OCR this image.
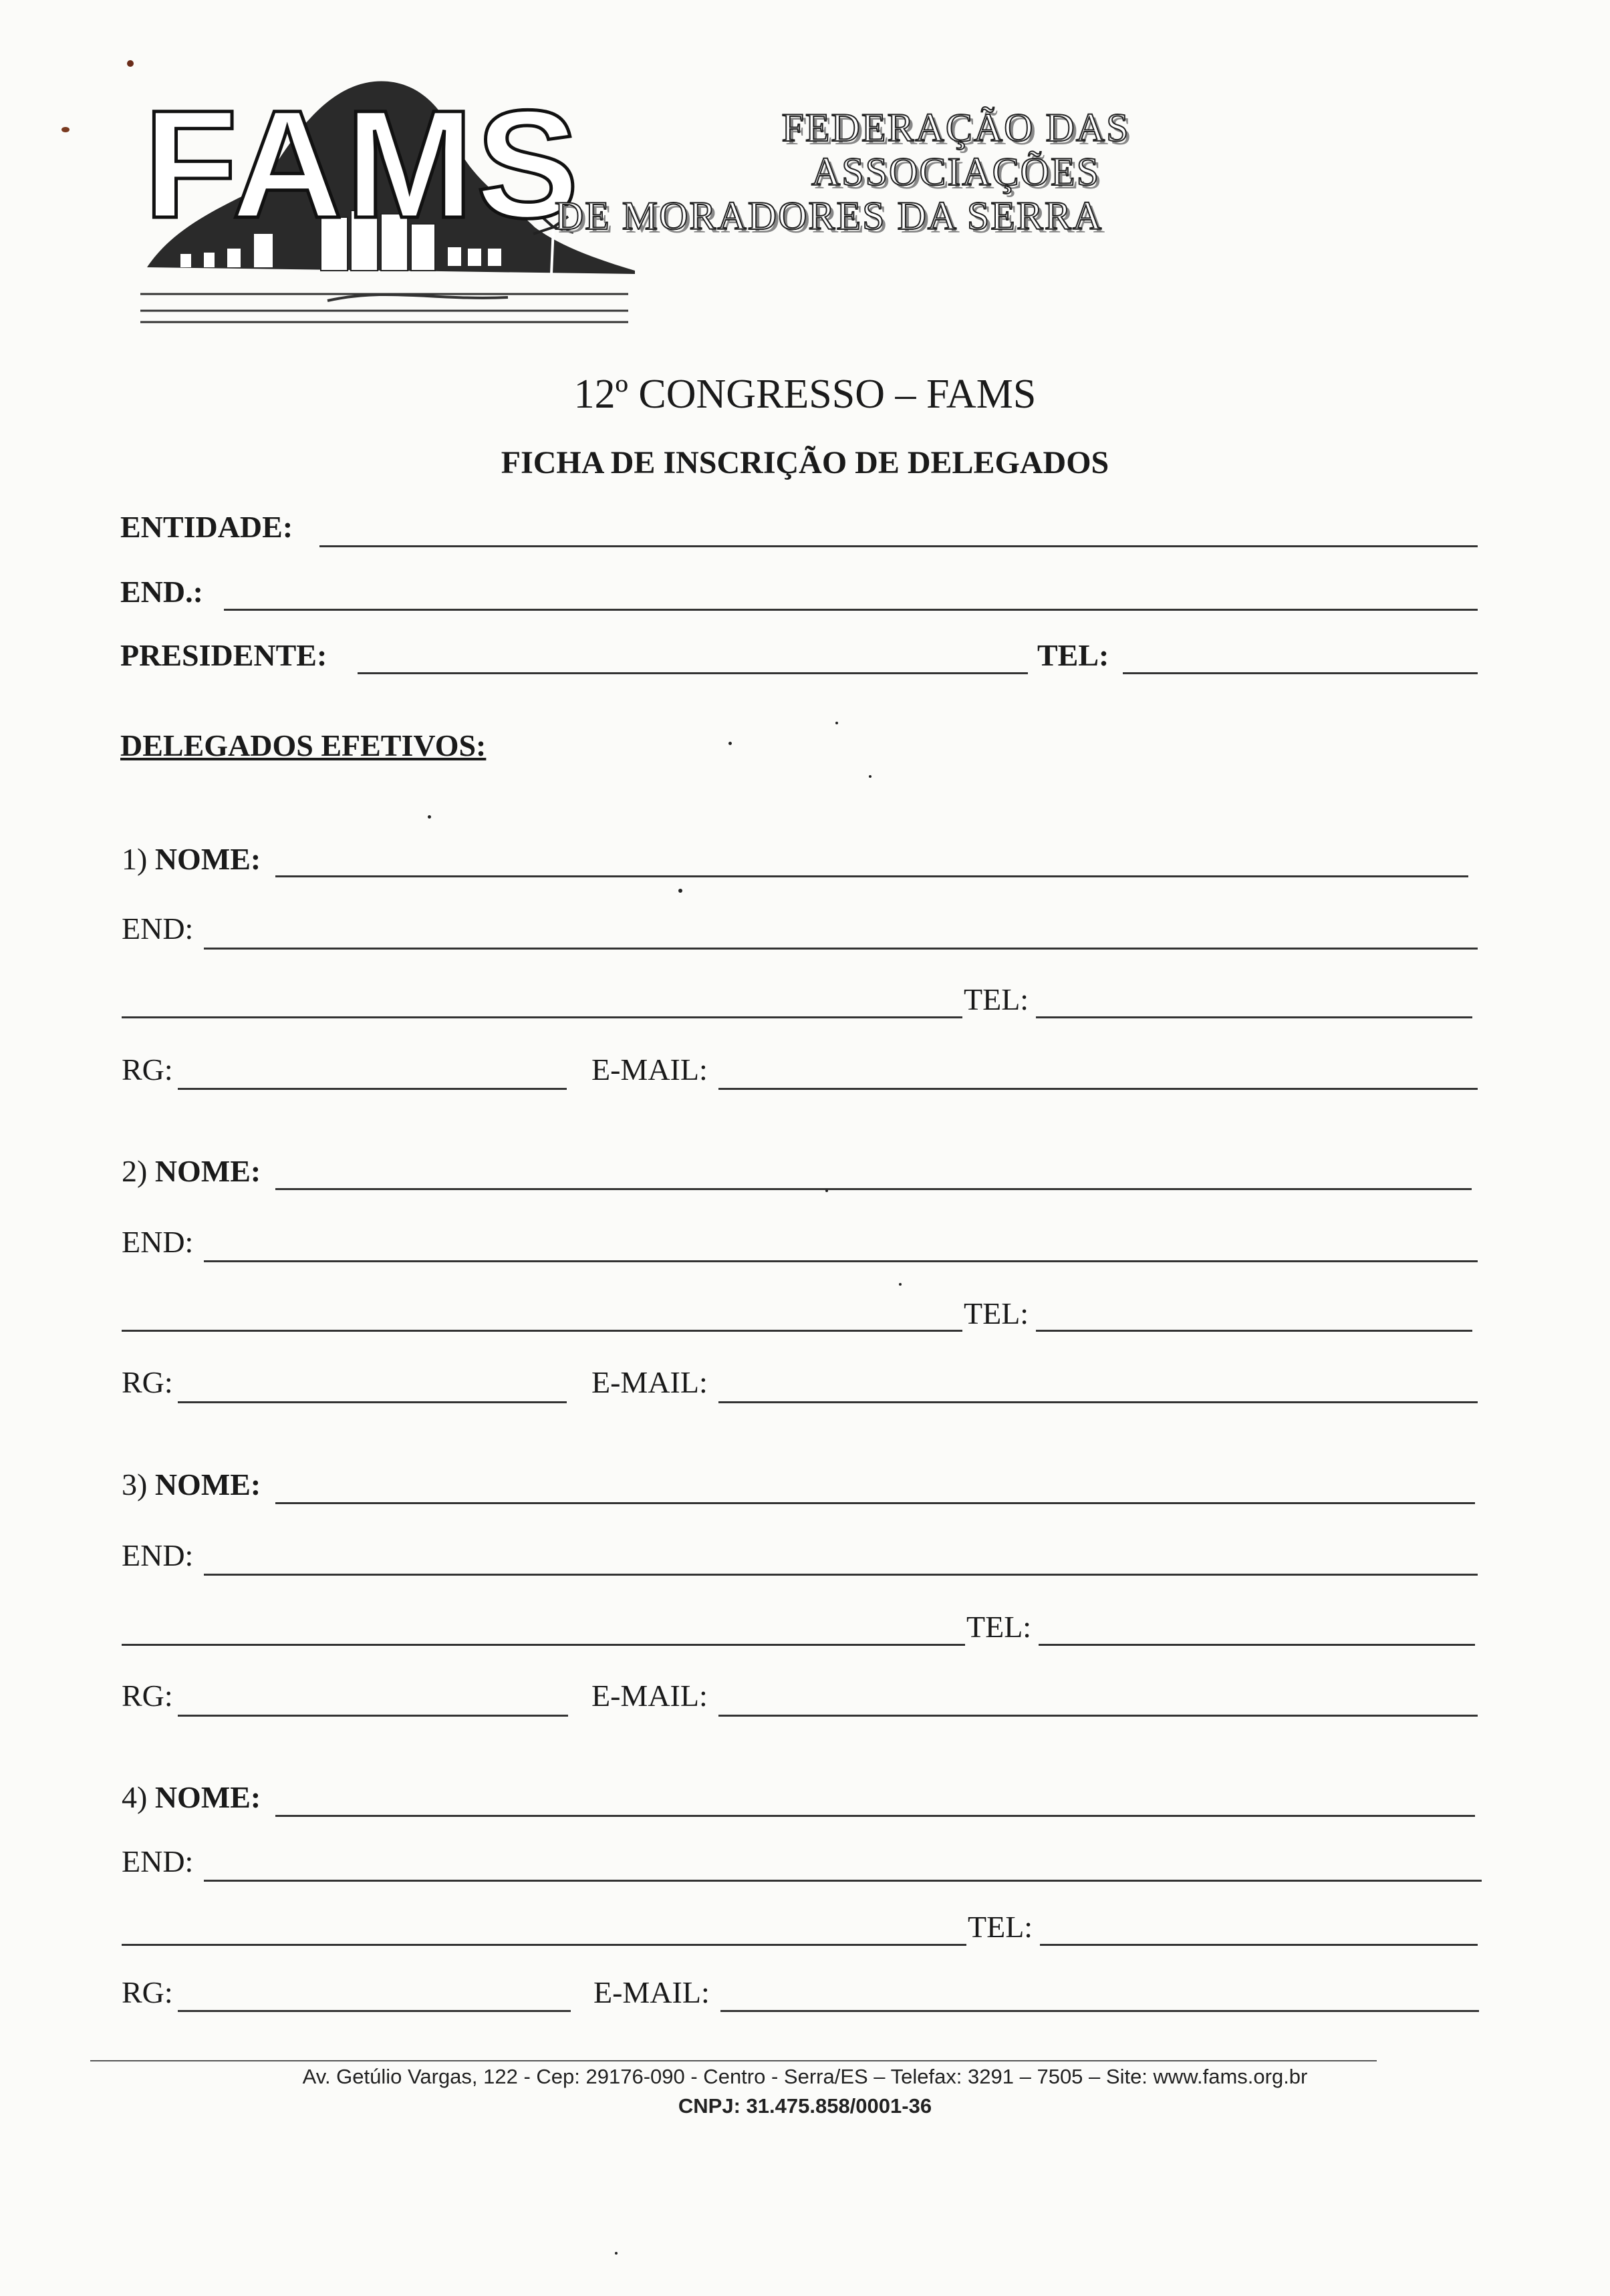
FAMS	FEDERAÇÃO DAS
ASSOCIAÇÕES
DE MORADORES DA SERRA
12º CONGRESSO – FAMS
FICHA DE INSCRIÇÃO DE DELEGADOS
ENTIDADE:
END.:
PRESIDENTE:	TEL:
DELEGADOS EFETIVOS:
1) NOME:
END:
TEL:
RG:	E-MAIL:
2) NOME:
END:
TEL:
RG:	E-MAIL:
3) NOME:
END:
TEL:
RG:	E-MAIL:
4) NOME:
END:
TEL:
RG:	E-MAIL:
Av. Getúlio Vargas, 122 - Cep: 29176-090 - Centro - Serra/ES – Telefax: 3291 – 7505 – Site: www.fams.org.br
CNPJ: 31.475.858/0001-36
